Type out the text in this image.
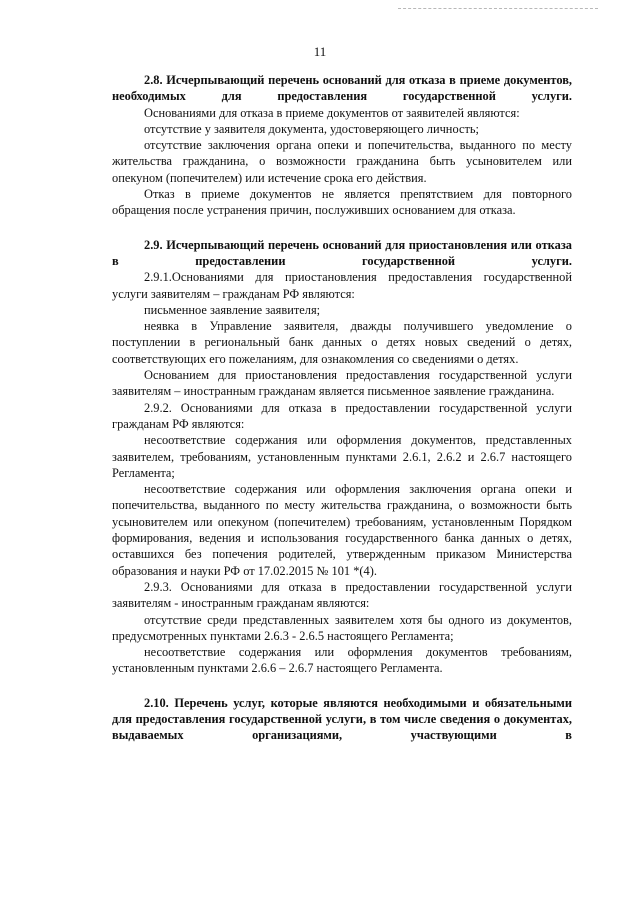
11

2.8. Исчерпывающий перечень оснований для отказа в приеме документов, необходимых для предоставления государственной услуги.

Основаниями для отказа в приеме документов от заявителей являются:

отсутствие у заявителя документа, удостоверяющего личность;

отсутствие заключения органа опеки и попечительства, выданного по месту жительства гражданина, о возможности гражданина быть усыновителем или опекуном (попечителем) или истечение срока его действия.

Отказ в приеме документов не является препятствием для повторного обращения после устранения причин, послуживших основанием для отказа.

2.9. Исчерпывающий перечень оснований для приостановления или отказа в предоставлении государственной услуги.

2.9.1.Основаниями для приостановления предоставления государственной услуги заявителям – гражданам РФ являются:

письменное заявление заявителя;

неявка в Управление заявителя, дважды получившего уведомление о поступлении в региональный банк данных о детях новых сведений о детях, соответствующих его пожеланиям, для ознакомления со сведениями о детях.

Основанием для приостановления предоставления государственной услуги заявителям – иностранным гражданам является письменное заявление гражданина.

2.9.2. Основаниями для отказа в предоставлении государственной услуги гражданам РФ являются:

несоответствие содержания или оформления документов, представленных заявителем, требованиям, установленным пунктами 2.6.1, 2.6.2 и 2.6.7 настоящего Регламента;

несоответствие содержания или оформления заключения органа опеки и попечительства, выданного по месту жительства гражданина, о возможности быть усыновителем или опекуном (попечителем) требованиям, установленным Порядком формирования, ведения и использования государственного банка данных о детях, оставшихся без попечения родителей, утвержденным приказом Министерства образования и науки РФ от 17.02.2015 № 101 *(4).

2.9.3. Основаниями для отказа в предоставлении государственной услуги заявителям - иностранным гражданам являются:

отсутствие среди представленных заявителем хотя бы одного из документов, предусмотренных пунктами 2.6.3 - 2.6.5 настоящего Регламента;

несоответствие содержания или оформления документов требованиям, установленным пунктами 2.6.6 – 2.6.7 настоящего Регламента.

2.10. Перечень услуг, которые являются необходимыми и обязательными для предоставления государственной услуги, в том числе сведения о документах, выдаваемых организациями, участвующими в
